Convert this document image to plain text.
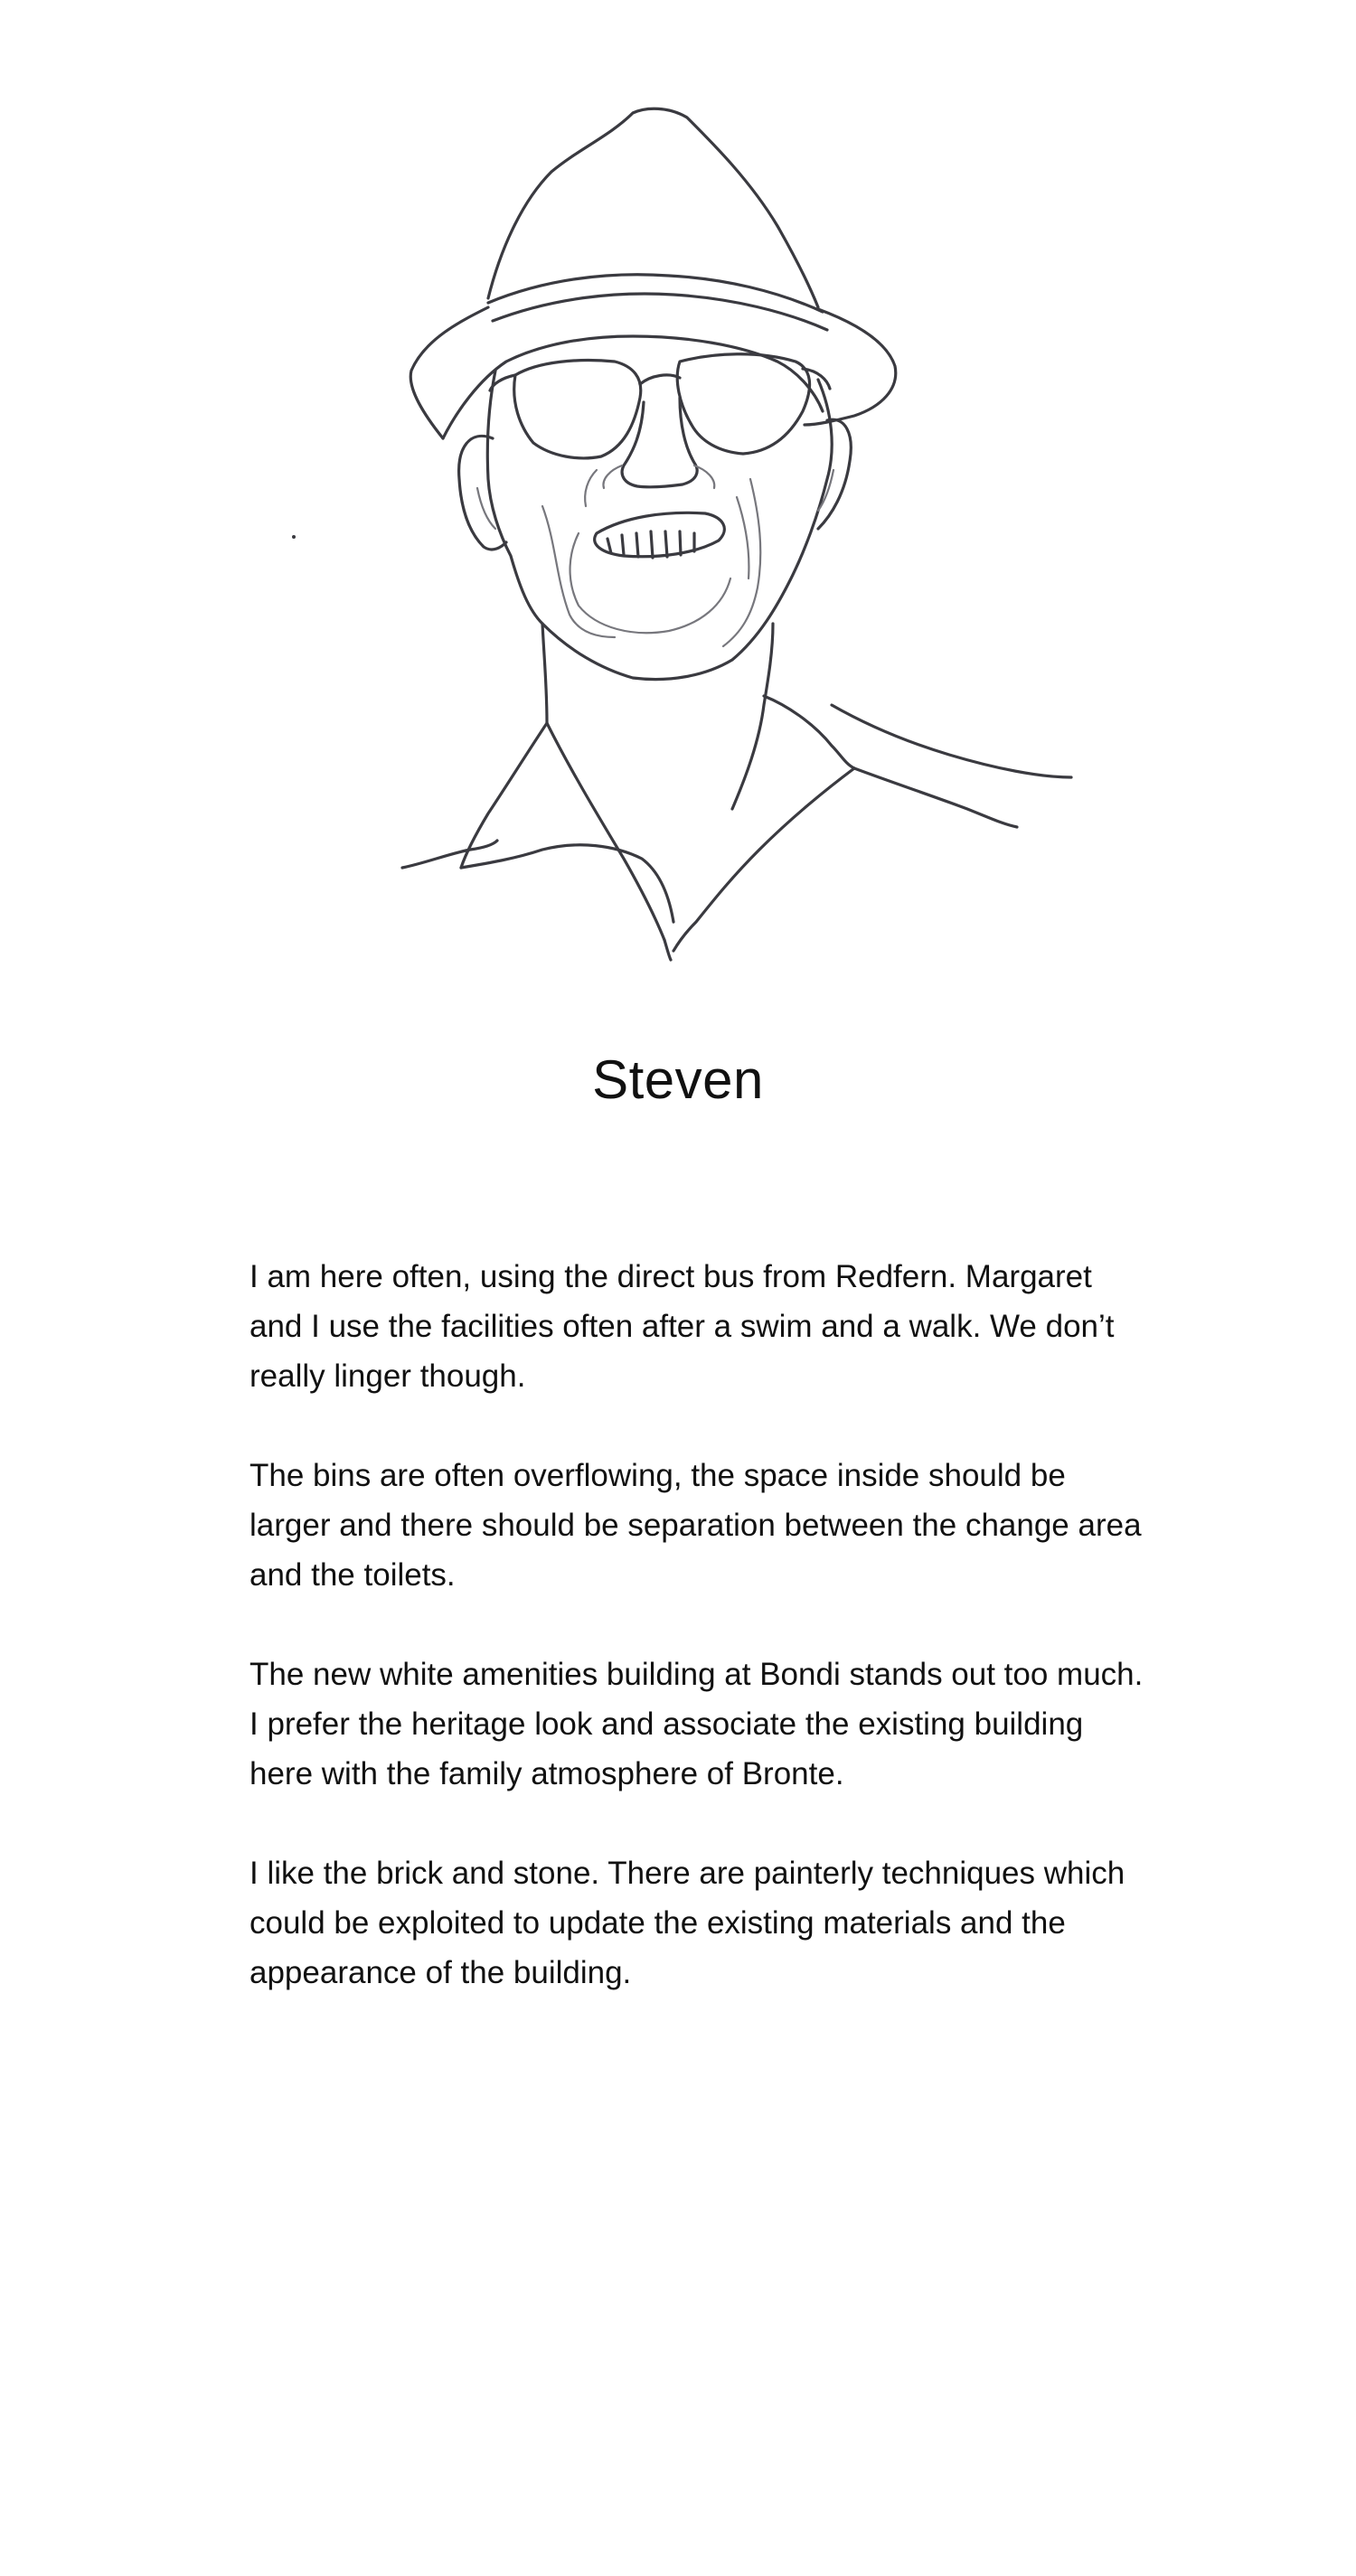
Steven

I am here often, using the direct bus from Redfern. Margaret and I use the facilities often after a swim and a walk. We don’t really linger though.

The bins are often overflowing, the space inside should be larger and there should be separation between the change area and the toilets.

The new white amenities building at Bondi stands out too much. I prefer the heritage look and associate the existing building here with the family atmosphere of Bronte.

I like the brick and stone. There are painterly techniques which could be exploited to update the existing materials and the appearance of the building.
